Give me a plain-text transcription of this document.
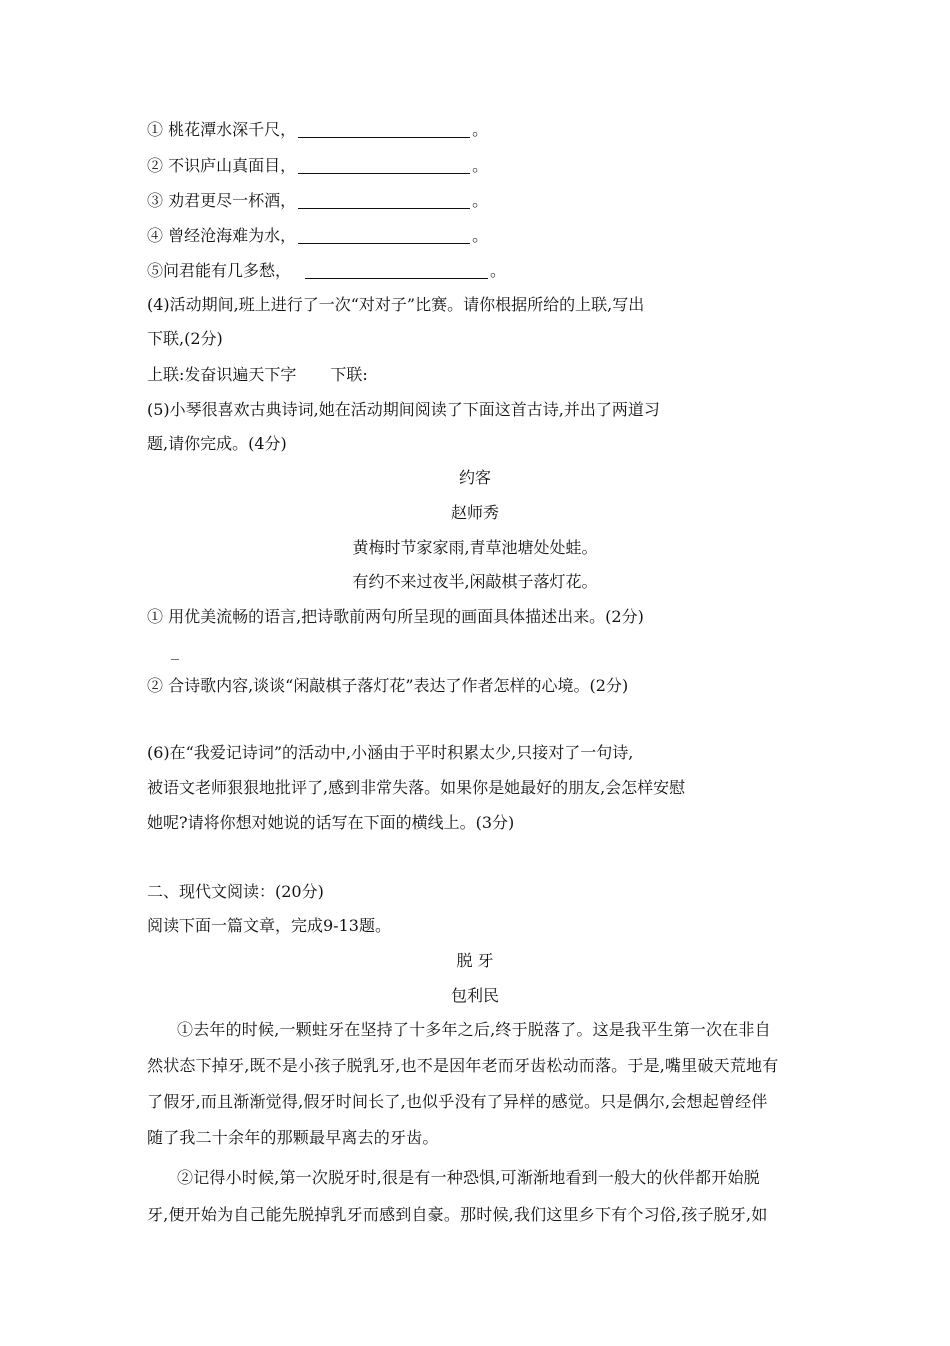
① 桃花潭水深千尺，	。
② 不识庐山真面目，	。
③ 劝君更尽一杯酒，	。
④ 曾经沧海难为水，	。
⑤问君能有几多愁，	。
(4)活动期间,班上进行了一次“对对子”比赛。请你根据所给的上联,写出
下联,(2分)
上联:发奋识遍天下字 下联:
(5)小琴很喜欢古典诗词,她在活动期间阅读了下面这首古诗,并出了两道习
题,请你完成。(4分)
约客
赵师秀
黄梅时节家家雨,青草池塘处处蛙。
有约不来过夜半,闲敲棋子落灯花。
① 用优美流畅的语言,把诗歌前两句所呈现的画面具体描述出来。(2分)
_
② 合诗歌内容,谈谈“闲敲棋子落灯花”表达了作者怎样的心境。(2分)
(6)在“我爱记诗词”的活动中,小涵由于平时积累太少,只接对了一句诗,
被语文老师狠狠地批评了,感到非常失落。如果你是她最好的朋友,会怎样安慰
她呢?请将你想对她说的话写在下面的横线上。(3分)
二、现代文阅读：(20分)
阅读下面一篇文章，完成9-13题。
脱 牙
包利民
①去年的时候,一颗蛀牙在坚持了十多年之后,终于脱落了。这是我平生第一次在非自
然状态下掉牙,既不是小孩子脱乳牙,也不是因年老而牙齿松动而落。于是,嘴里破天荒地有
了假牙,而且渐渐觉得,假牙时间长了,也似乎没有了异样的感觉。只是偶尔,会想起曾经伴
随了我二十余年的那颗最早离去的牙齿。
②记得小时候,第一次脱牙时,很是有一种恐惧,可渐渐地看到一般大的伙伴都开始脱
牙,便开始为自己能先脱掉乳牙而感到自豪。那时候,我们这里乡下有个习俗,孩子脱牙,如
